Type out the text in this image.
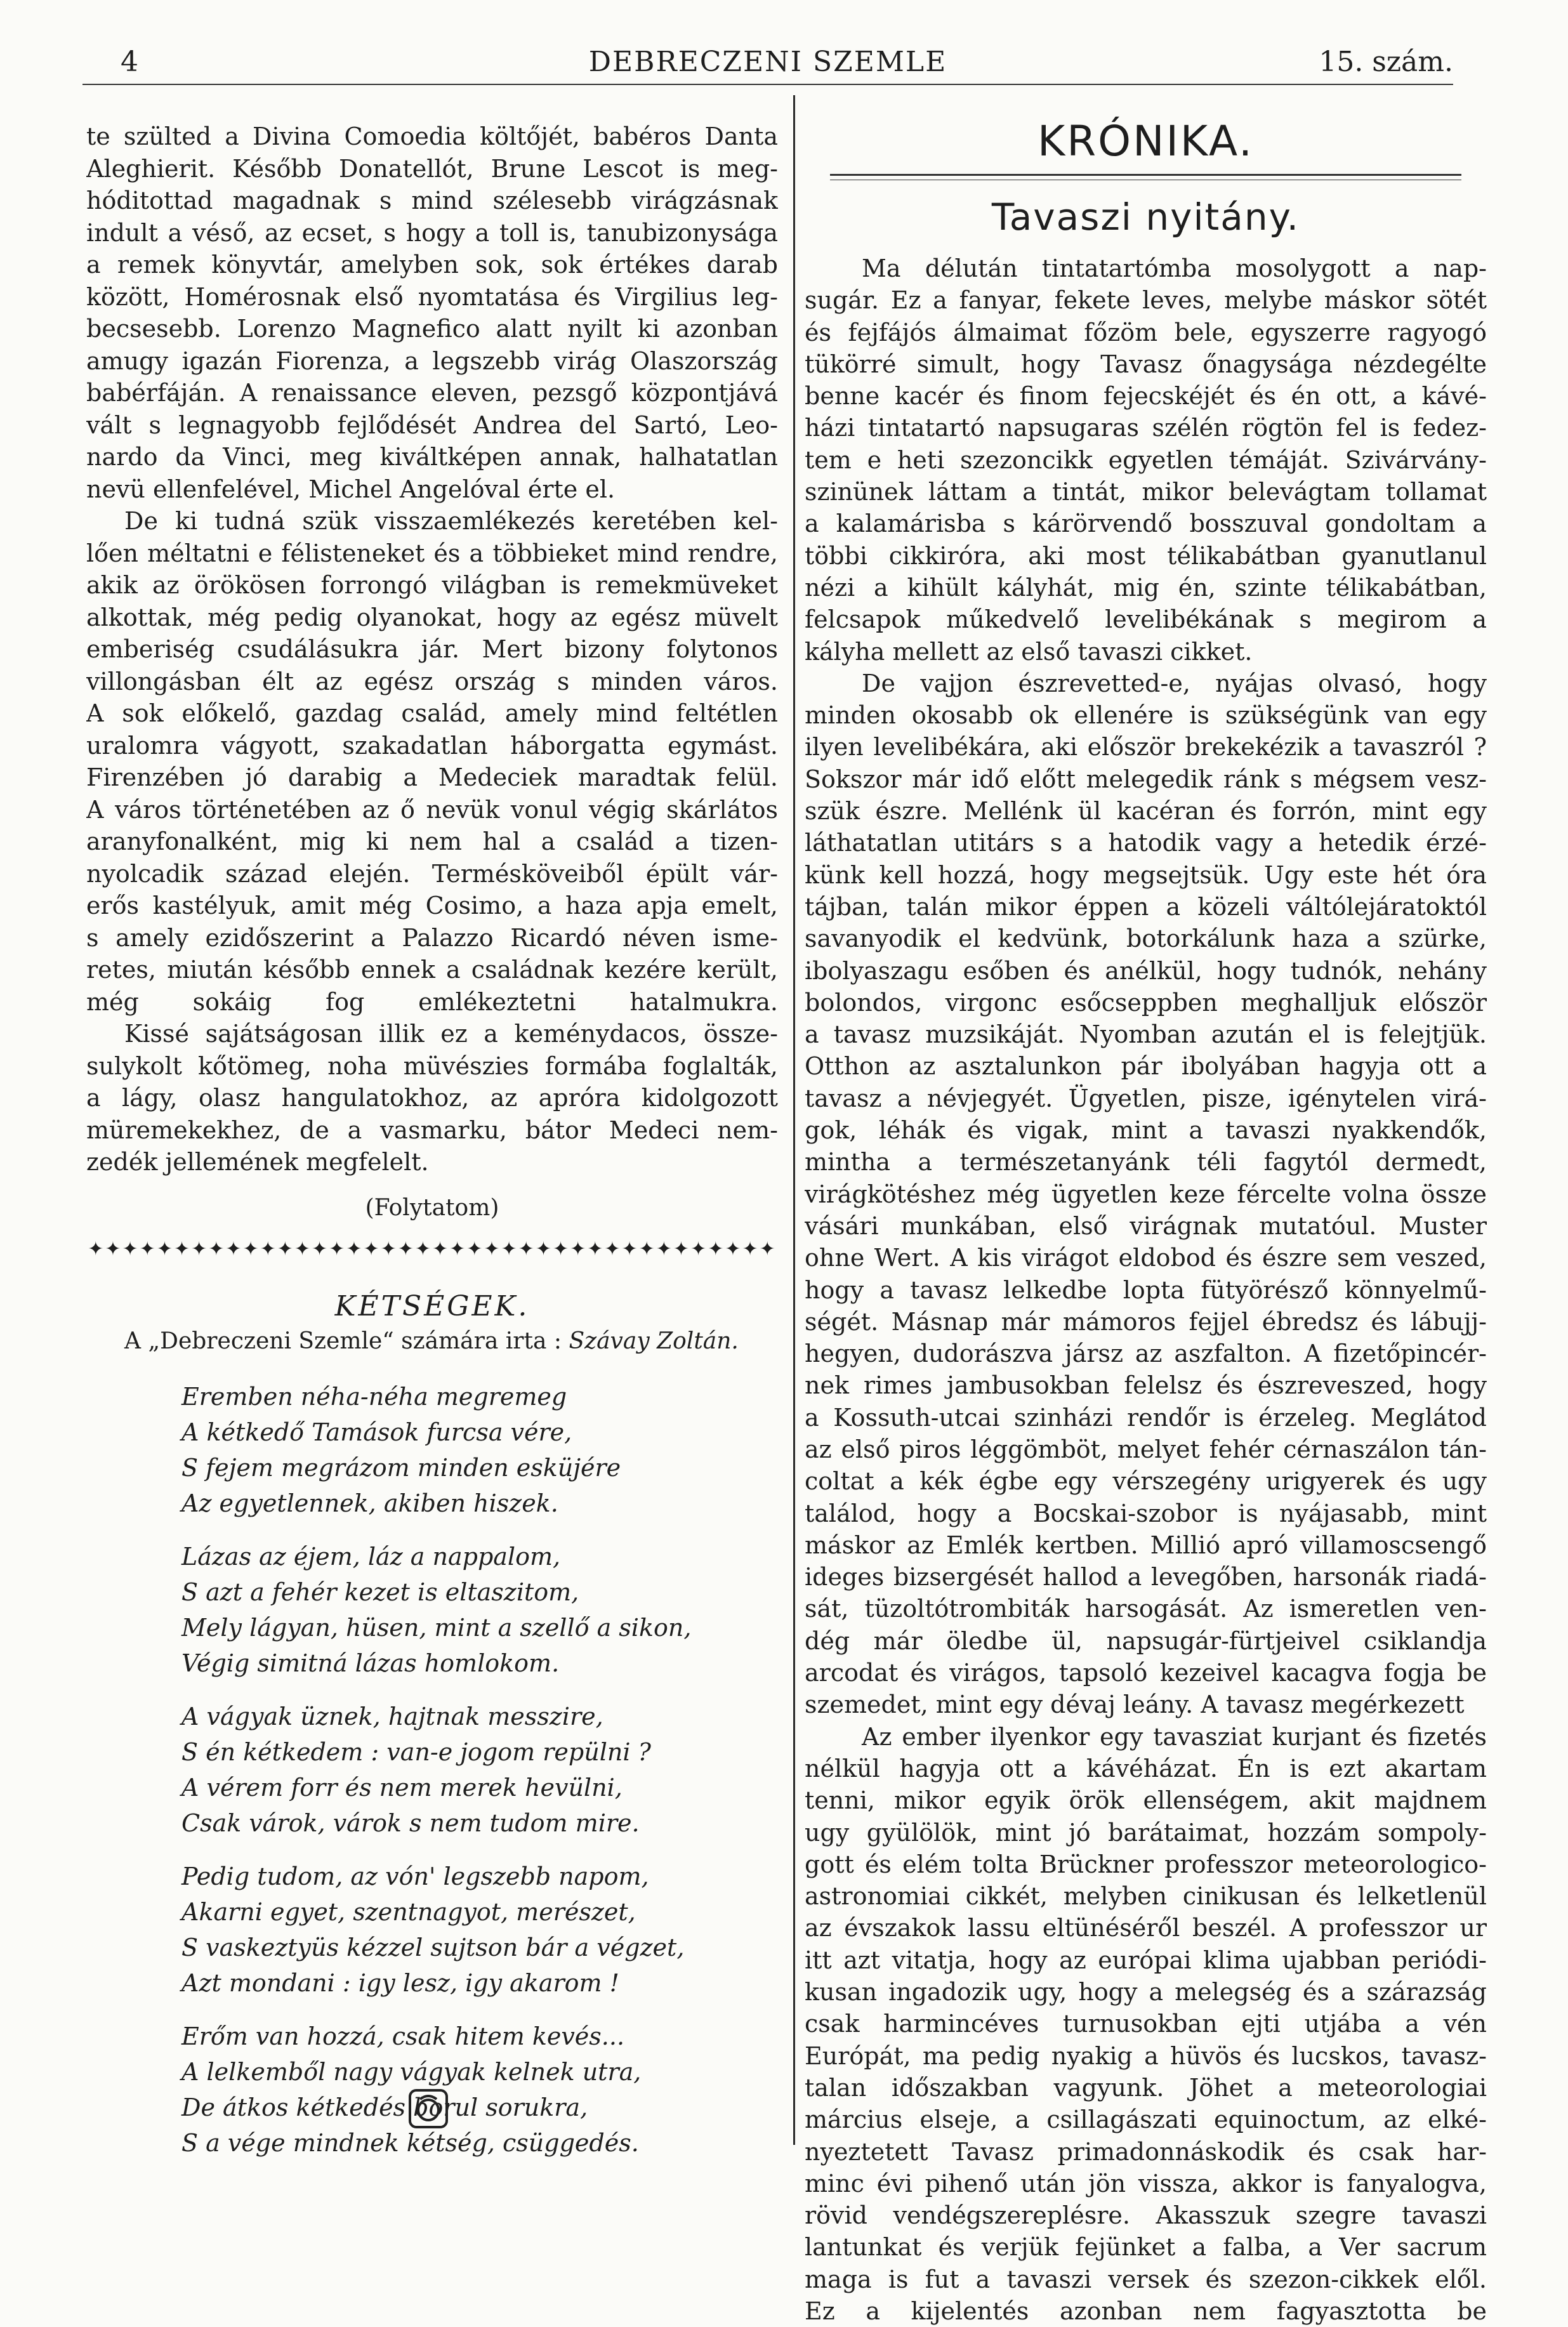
4	DEBRECZENI SZEMLE	15. szám.
te szülted a Divina Comoedia költőjét, babéros Danta
Aleghierit. Később Donatellót, Brune Lescot is meg-
hóditottad magadnak s mind szélesebb virágzásnak
indult a véső, az ecset, s hogy a toll is, tanubizonysága
a remek könyvtár, amelyben sok, sok értékes darab
között, Homérosnak első nyomtatása és Virgilius leg-
becsesebb. Lorenzo Magnefico alatt nyilt ki azonban
amugy igazán Fiorenza, a legszebb virág Olaszország
babérfáján. A renaissance eleven, pezsgő központjává
vált s legnagyobb fejlődését Andrea del Sartó, Leo-
nardo da Vinci, meg kiváltképen annak, halhatatlan
nevü ellenfelével, Michel Angelóval érte el.
De ki tudná szük visszaemlékezés keretében kel-
lően méltatni e félisteneket és a többieket mind rendre,
akik az örökösen forrongó világban is remekmüveket
alkottak, még pedig olyanokat, hogy az egész müvelt
emberiség csudálásukra jár. Mert bizony folytonos
villongásban élt az egész ország s minden város.
A sok előkelő, gazdag család, amely mind feltétlen
uralomra vágyott, szakadatlan háborgatta egymást.
Firenzében jó darabig a Medeciek maradtak felül.
A város történetében az ő nevük vonul végig skárlátos
aranyfonalként, mig ki nem hal a család a tizen-
nyolcadik század elején. Termésköveiből épült vár-
erős kastélyuk, amit még Cosimo, a haza apja emelt,
s amely ezidőszerint a Palazzo Ricardó néven isme-
retes, miután később ennek a családnak kezére került,
még sokáig fog emlékeztetni hatalmukra.
Kissé sajátságosan illik ez a keménydacos, össze-
sulykolt kőtömeg, noha müvészies formába foglalták,
a lágy, olasz hangulatokhoz, az apróra kidolgozott
müremekekhez, de a vasmarku, bátor Medeci nem-
zedék jellemének megfelelt.
(Folytatom)
✦✦✦✦✦✦✦✦✦✦✦✦✦✦✦✦✦✦✦✦✦✦✦✦✦✦✦✦✦✦✦✦✦✦✦✦✦✦✦✦
KÉTSÉGEK.
A „Debreczeni Szemle“ számára irta : Szávay Zoltán.
Eremben néha-néha megremeg
A kétkedő Tamások furcsa vére,
S fejem megrázom minden esküjére
Az egyetlennek, akiben hiszek.
Lázas az éjem, láz a nappalom,
S azt a fehér kezet is eltaszitom,
Mely lágyan, hüsen, mint a szellő a sikon,
Végig simitná lázas homlokom.
A vágyak üznek, hajtnak messzire,
S én kétkedem : van-e jogom repülni ?
A vérem forr és nem merek hevülni,
Csak várok, várok s nem tudom mire.
Pedig tudom, az vón' legszebb napom,
Akarni egyet, szentnagyot, merészet,
S vaskeztyüs kézzel sujtson bár a végzet,
Azt mondani : igy lesz, igy akarom !
Erőm van hozzá, csak hitem kevés...
A lelkemből nagy vágyak kelnek utra,
De átkos kétkedés borul sorukra,
S a vége mindnek kétség, csüggedés.
KRÓNIKA.
Tavaszi nyitány.
Ma délután tintatartómba mosolygott a nap-
sugár. Ez a fanyar, fekete leves, melybe máskor sötét
és fejfájós álmaimat főzöm bele, egyszerre ragyogó
tükörré simult, hogy Tavasz őnagysága nézdegélte
benne kacér és finom fejecskéjét és én ott, a kávé-
házi tintatartó napsugaras szélén rögtön fel is fedez-
tem e heti szezoncikk egyetlen témáját. Szivárvány-
szinünek láttam a tintát, mikor belevágtam tollamat
a kalamárisba s kárörvendő bosszuval gondoltam a
többi cikkiróra, aki most télikabátban gyanutlanul
nézi a kihült kályhát, mig én, szinte télikabátban,
felcsapok műkedvelő levelibékának s megirom a
kályha mellett az első tavaszi cikket.
De vajjon észrevetted-e, nyájas olvasó, hogy
minden okosabb ok ellenére is szükségünk van egy
ilyen levelibékára, aki először brekekézik a tavaszról ?
Sokszor már idő előtt melegedik ránk s mégsem vesz-
szük észre. Mellénk ül kacéran és forrón, mint egy
láthatatlan utitárs s a hatodik vagy a hetedik érzé-
künk kell hozzá, hogy megsejtsük. Ugy este hét óra
tájban, talán mikor éppen a közeli váltólejáratoktól
savanyodik el kedvünk, botorkálunk haza a szürke,
ibolyaszagu esőben és anélkül, hogy tudnók, nehány
bolondos, virgonc esőcseppben meghalljuk először
a tavasz muzsikáját. Nyomban azután el is felejtjük.
Otthon az asztalunkon pár ibolyában hagyja ott a
tavasz a névjegyét. Ügyetlen, pisze, igénytelen virá-
gok, léhák és vigak, mint a tavaszi nyakkendők,
mintha a természetanyánk téli fagytól dermedt,
virágkötéshez még ügyetlen keze fércelte volna össze
vásári munkában, első virágnak mutatóul. Muster
ohne Wert. A kis virágot eldobod és észre sem veszed,
hogy a tavasz lelkedbe lopta fütyörésző könnyelmű-
ségét. Másnap már mámoros fejjel ébredsz és lábujj-
hegyen, dudorászva jársz az aszfalton. A fizetőpincér-
nek rimes jambusokban felelsz és észreveszed, hogy
a Kossuth-utcai szinházi rendőr is érzeleg. Meglátod
az első piros léggömböt, melyet fehér cérnaszálon tán-
coltat a kék égbe egy vérszegény urigyerek és ugy
találod, hogy a Bocskai-szobor is nyájasabb, mint
máskor az Emlék kertben. Millió apró villamoscsengő
ideges bizsergését hallod a levegőben, harsonák riadá-
sát, tüzoltótrombiták harsogását. Az ismeretlen ven-
dég már öledbe ül, napsugár-fürtjeivel csiklandja
arcodat és virágos, tapsoló kezeivel kacagva fogja be
szemedet, mint egy dévaj leány. A tavasz megérkezett
Az ember ilyenkor egy tavasziat kurjant és fizetés
nélkül hagyja ott a kávéházat. Én is ezt akartam
tenni, mikor egyik örök ellenségem, akit majdnem
ugy gyülölök, mint jó barátaimat, hozzám sompoly-
gott és elém tolta Brückner professzor meteorologico-
astronomiai cikkét, melyben cinikusan és lelketlenül
az évszakok lassu eltünéséről beszél. A professzor ur
itt azt vitatja, hogy az európai klima ujabban periódi-
kusan ingadozik ugy, hogy a melegség és a szárazság
csak harmincéves turnusokban ejti utjába a vén
Európát, ma pedig nyakig a hüvös és lucskos, tavasz-
talan időszakban vagyunk. Jöhet a meteorologiai
március elseje, a csillagászati equinoctum, az elké-
nyeztetett Tavasz primadonnáskodik és csak har-
minc évi pihenő után jön vissza, akkor is fanyalogva,
rövid vendégszereplésre. Akasszuk szegre tavaszi
lantunkat és verjük fejünket a falba, a Ver sacrum
maga is fut a tavaszi versek és szezon-cikkek elől.
Ez a kijelentés azonban nem fagyasztotta be
